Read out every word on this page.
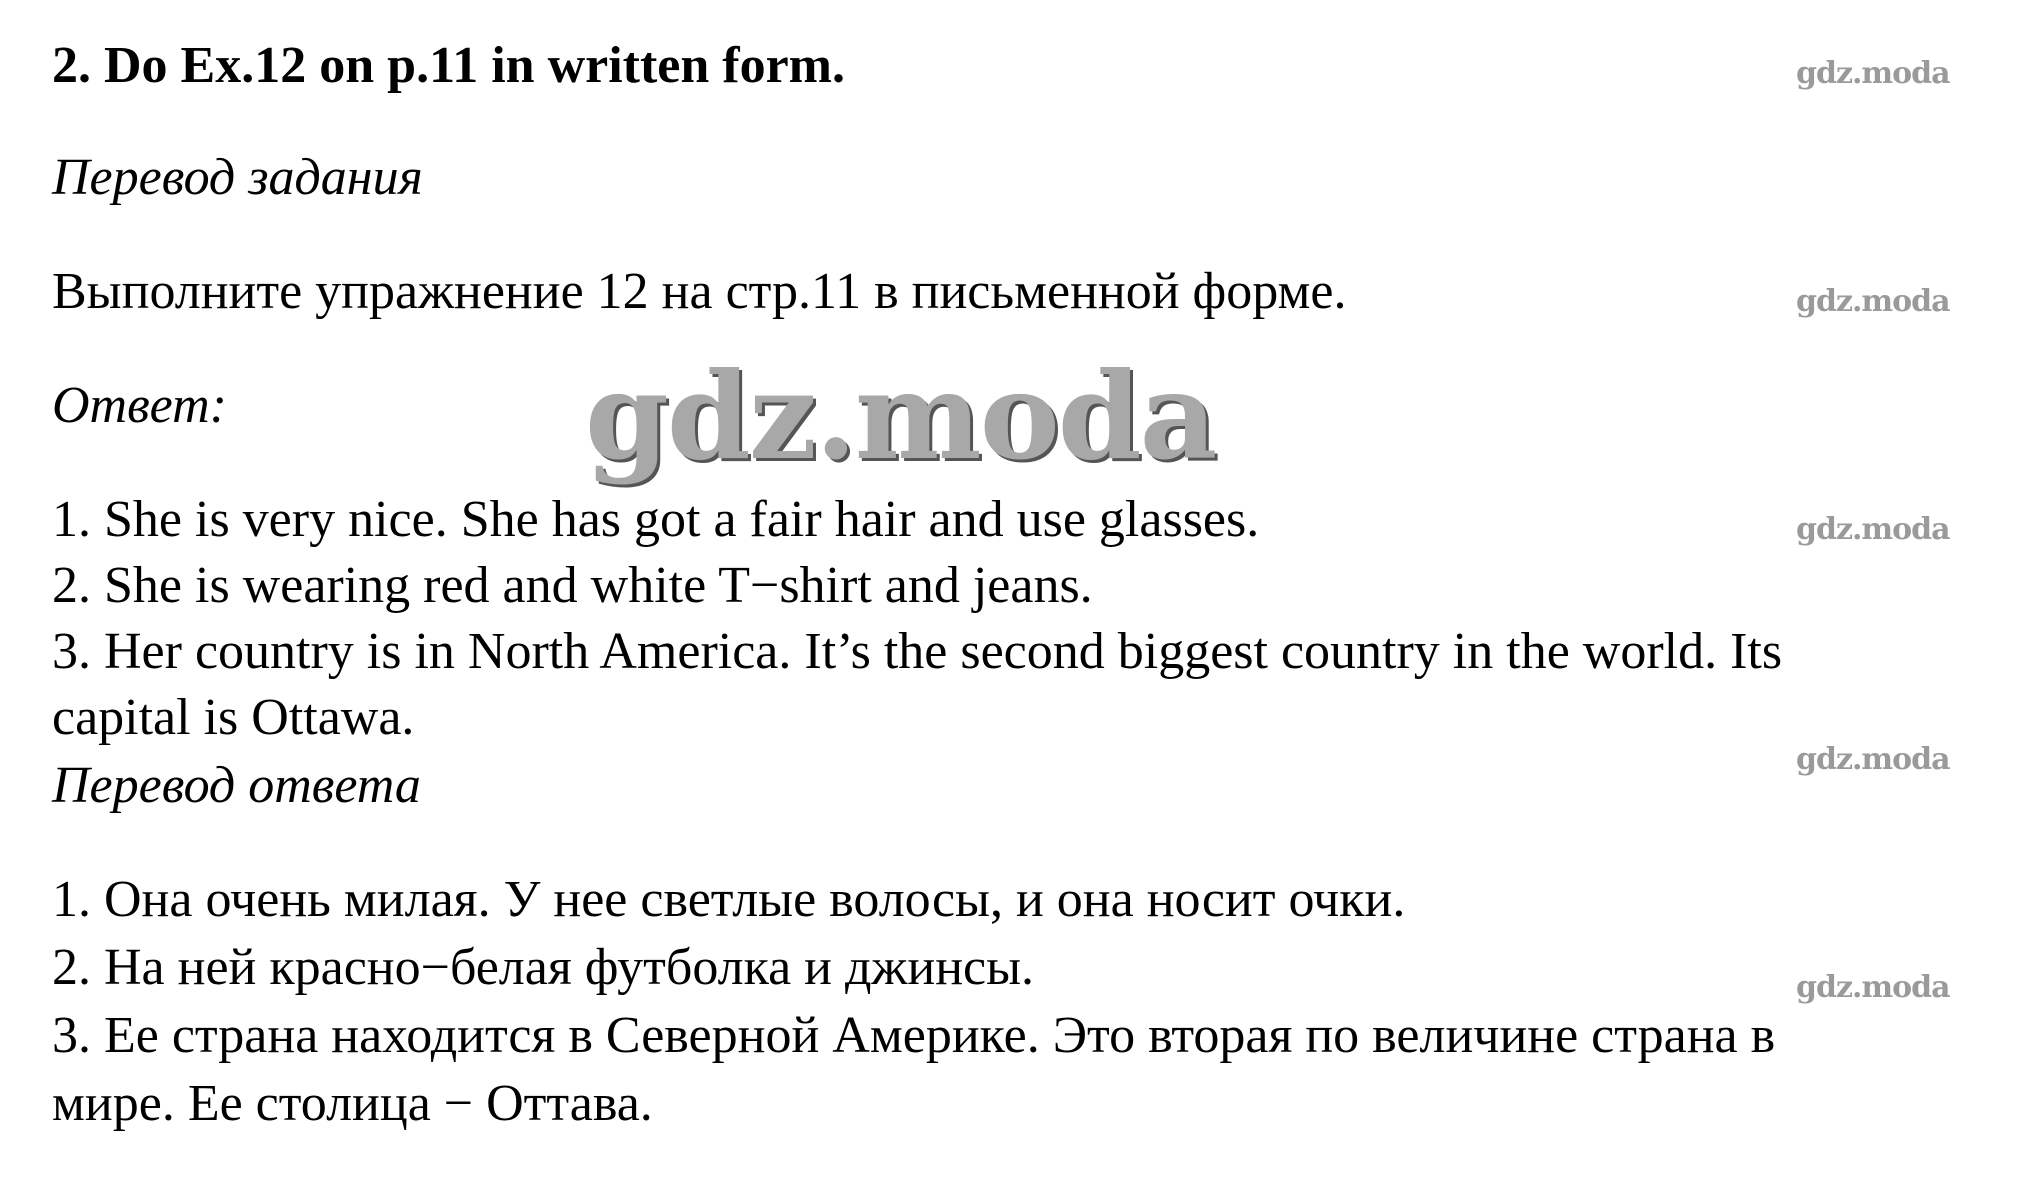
2. Do Ex.12 on p.11 in written form.
Перевод задания
Выполните упражнение 12 на стр.11 в письменной форме.
Ответ:
1. She is very nice. She has got a fair hair and use glasses.
2. She is wearing red and white T−shirt and jeans.
3. Her country is in North America. It’s the second biggest country in the world. Its
capital is Ottawa.
Перевод ответа
1. Она очень милая. У нее светлые волосы, и она носит очки.
2. На ней красно−белая футболка и джинсы.
3. Ее страна находится в Северной Америке. Это вторая по величине страна в
мире. Ее столица − Оттава.
gdz.moda
gdz.moda
gdz.moda
gdz.moda
gdz.moda
gdz.moda
